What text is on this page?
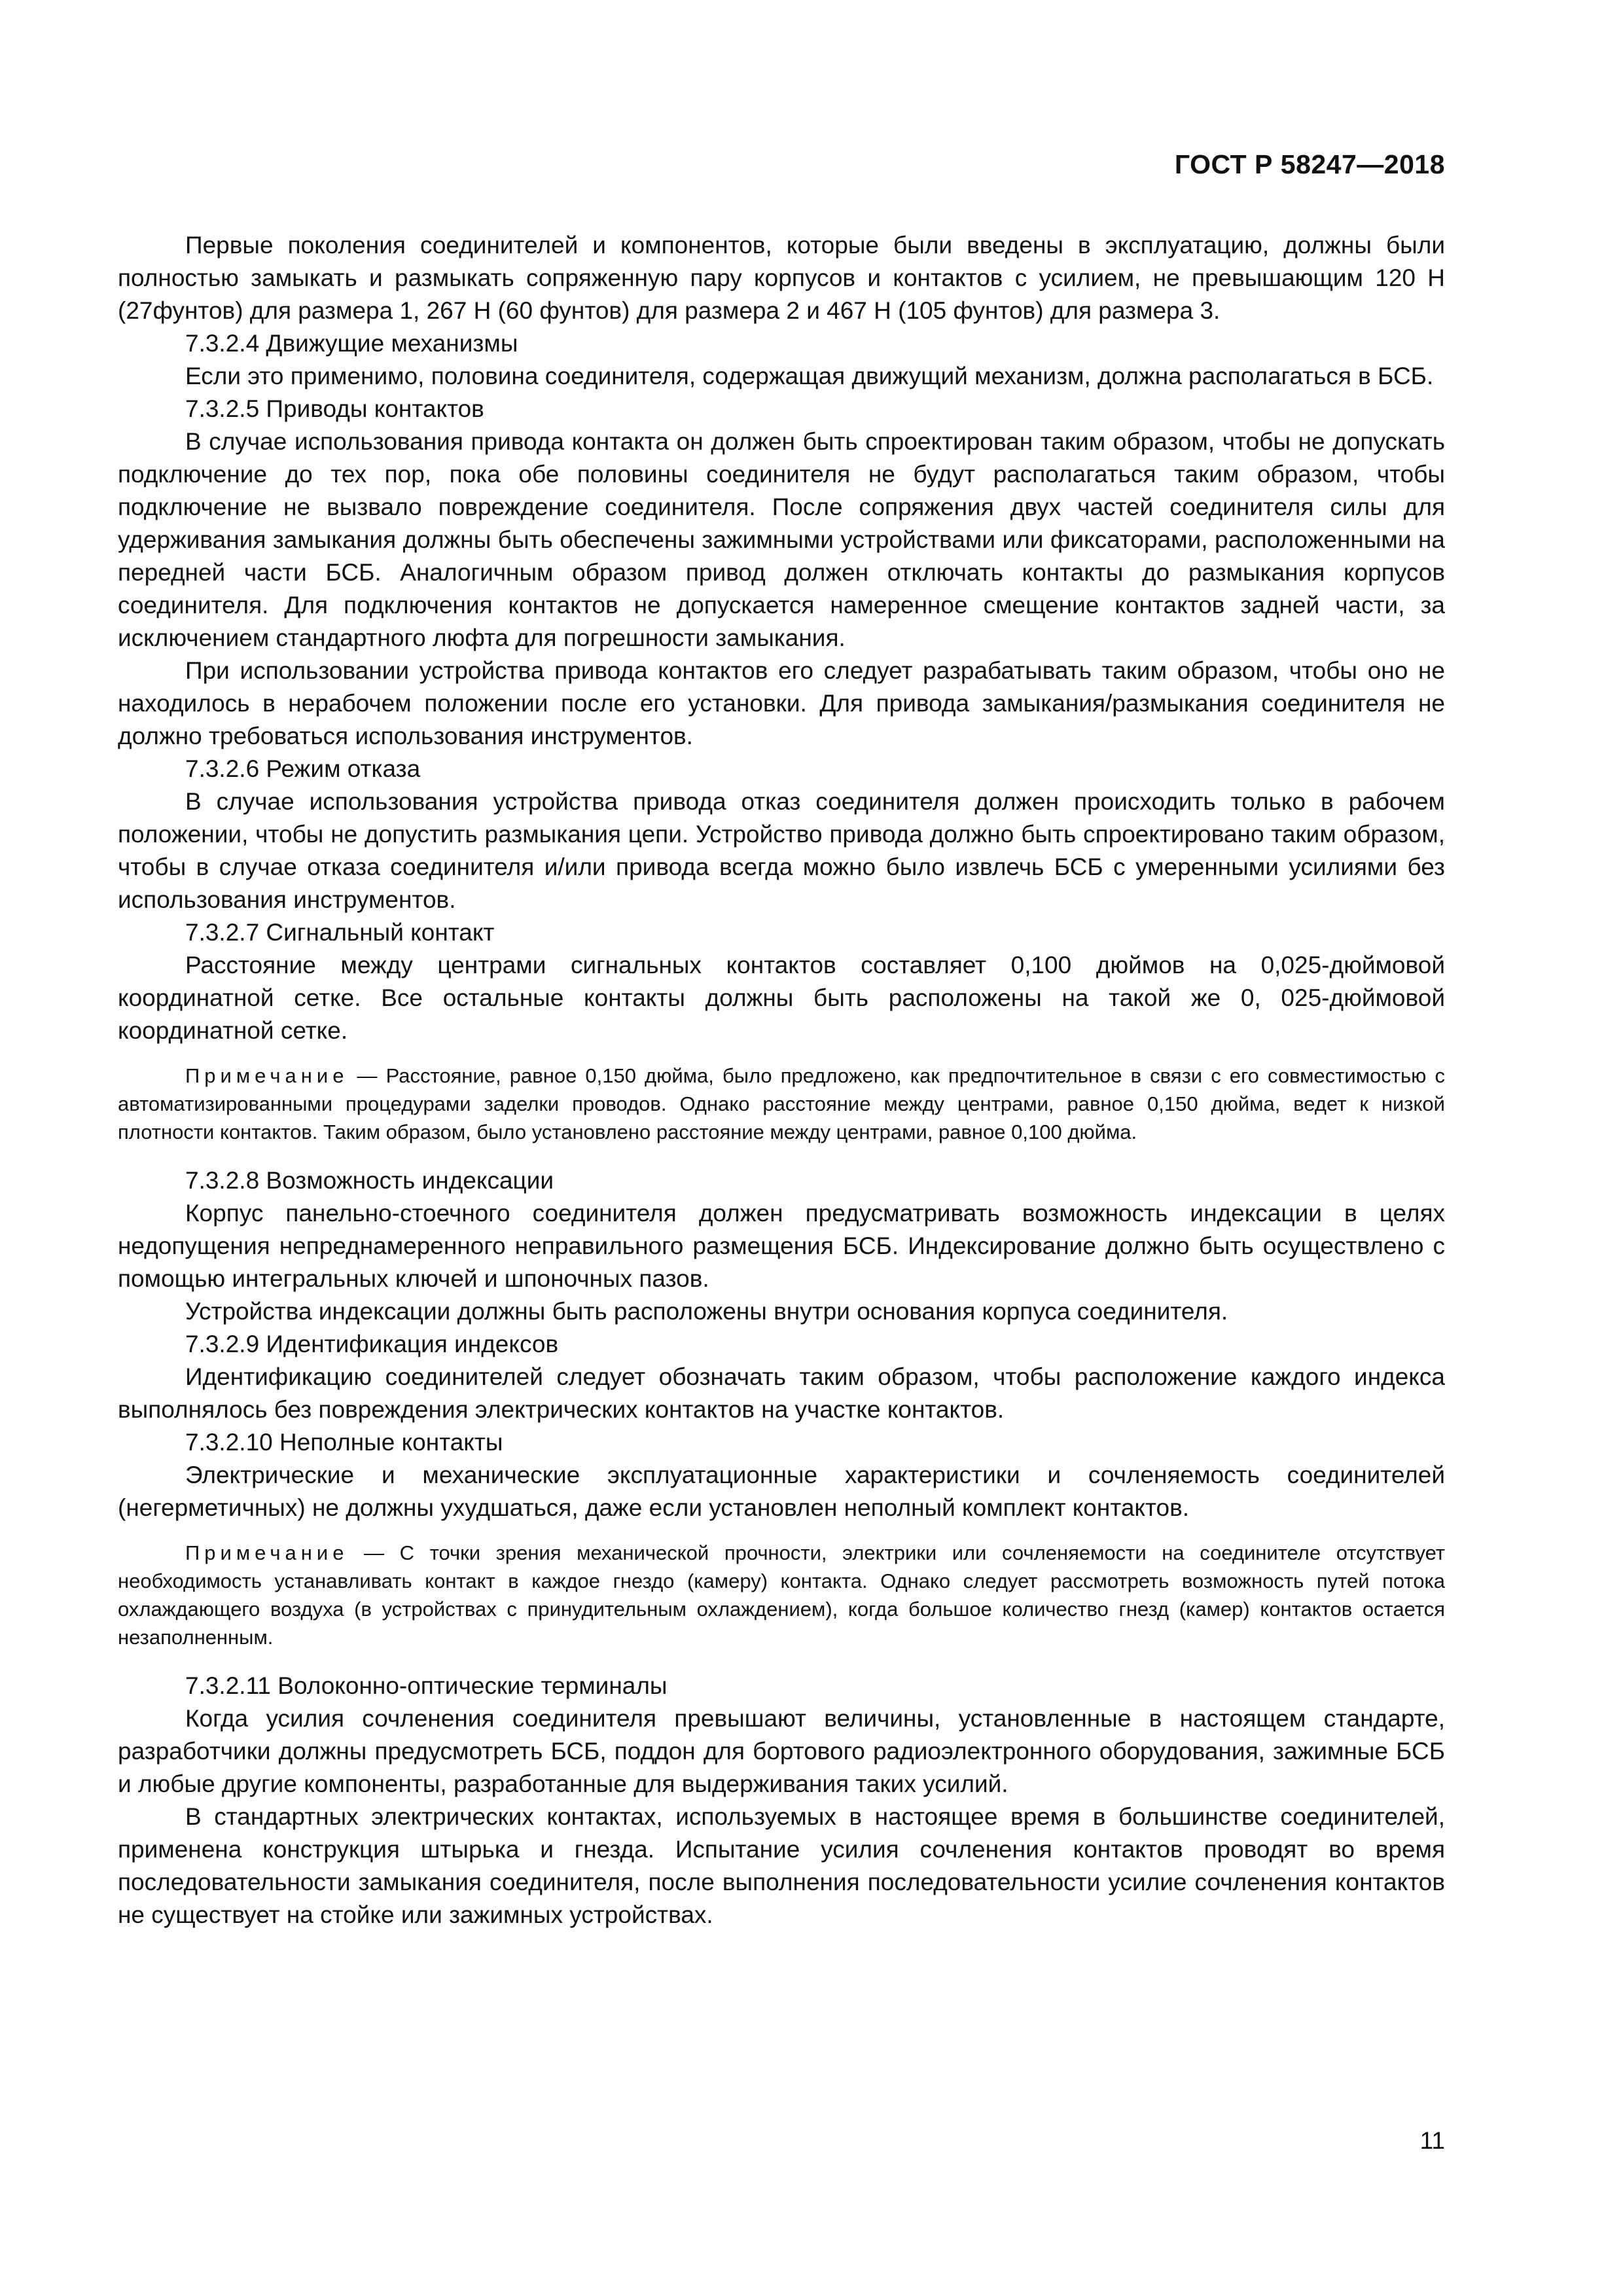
ГОСТ Р 58247—2018

Первые поколения соединителей и компонентов, которые были введены в эксплуатацию, должны были полностью замыкать и размыкать сопряженную пару корпусов и контактов с усилием, не превышающим 120 Н (27фунтов) для размера 1, 267 Н (60 фунтов) для размера 2 и 467 Н (105 фунтов) для размера 3.

7.3.2.4 Движущие механизмы

Если это применимо, половина соединителя, содержащая движущий механизм, должна располагаться в БСБ.

7.3.2.5 Приводы контактов

В случае использования привода контакта он должен быть спроектирован таким образом, чтобы не допускать подключение до тех пор, пока обе половины соединителя не будут располагаться таким образом, чтобы подключение не вызвало повреждение соединителя. После сопряжения двух частей соединителя силы для удерживания замыкания должны быть обеспечены зажимными устройствами или фиксаторами, расположенными на передней части БСБ. Аналогичным образом привод должен отключать контакты до размыкания корпусов соединителя. Для подключения контактов не допускается намеренное смещение контактов задней части, за исключением стандартного люфта для погрешности замыкания.

При использовании устройства привода контактов его следует разрабатывать таким образом, чтобы оно не находилось в нерабочем положении после его установки. Для привода замыкания/размыкания соединителя не должно требоваться использования инструментов.

7.3.2.6 Режим отказа

В случае использования устройства привода отказ соединителя должен происходить только в рабочем положении, чтобы не допустить размыкания цепи. Устройство привода должно быть спроектировано таким образом, чтобы в случае отказа соединителя и/или привода всегда можно было извлечь БСБ с умеренными усилиями без использования инструментов.

7.3.2.7 Сигнальный контакт

Расстояние между центрами сигнальных контактов составляет 0,100 дюймов на 0,025-дюймовой координатной сетке. Все остальные контакты должны быть расположены на такой же 0, 025-дюймовой координатной сетке.

Примечание — Расстояние, равное 0,150 дюйма, было предложено, как предпочтительное в связи с его совместимостью с автоматизированными процедурами заделки проводов. Однако расстояние между центрами, равное 0,150 дюйма, ведет к низкой плотности контактов. Таким образом, было установлено расстояние между центрами, равное 0,100 дюйма.

7.3.2.8 Возможность индексации

Корпус панельно-стоечного соединителя должен предусматривать возможность индексации в целях недопущения непреднамеренного неправильного размещения БСБ. Индексирование должно быть осуществлено с помощью интегральных ключей и шпоночных пазов.

Устройства индексации должны быть расположены внутри основания корпуса соединителя.

7.3.2.9 Идентификация индексов

Идентификацию соединителей следует обозначать таким образом, чтобы расположение каждого индекса выполнялось без повреждения электрических контактов на участке контактов.

7.3.2.10 Неполные контакты

Электрические и механические эксплуатационные характеристики и сочленяемость соединителей (негерметичных) не должны ухудшаться, даже если установлен неполный комплект контактов.

Примечание — С точки зрения механической прочности, электрики или сочленяемости на соединителе отсутствует необходимость устанавливать контакт в каждое гнездо (камеру) контакта. Однако следует рассмотреть возможность путей потока охлаждающего воздуха (в устройствах с принудительным охлаждением), когда большое количество гнезд (камер) контактов остается незаполненным.

7.3.2.11 Волоконно-оптические терминалы

Когда усилия сочленения соединителя превышают величины, установленные в настоящем стандарте, разработчики должны предусмотреть БСБ, поддон для бортового радиоэлектронного оборудования, зажимные БСБ и любые другие компоненты, разработанные для выдерживания таких усилий.

В стандартных электрических контактах, используемых в настоящее время в большинстве соединителей, применена конструкция штырька и гнезда. Испытание усилия сочленения контактов проводят во время последовательности замыкания соединителя, после выполнения последовательности усилие сочленения контактов не существует на стойке или зажимных устройствах.

11
